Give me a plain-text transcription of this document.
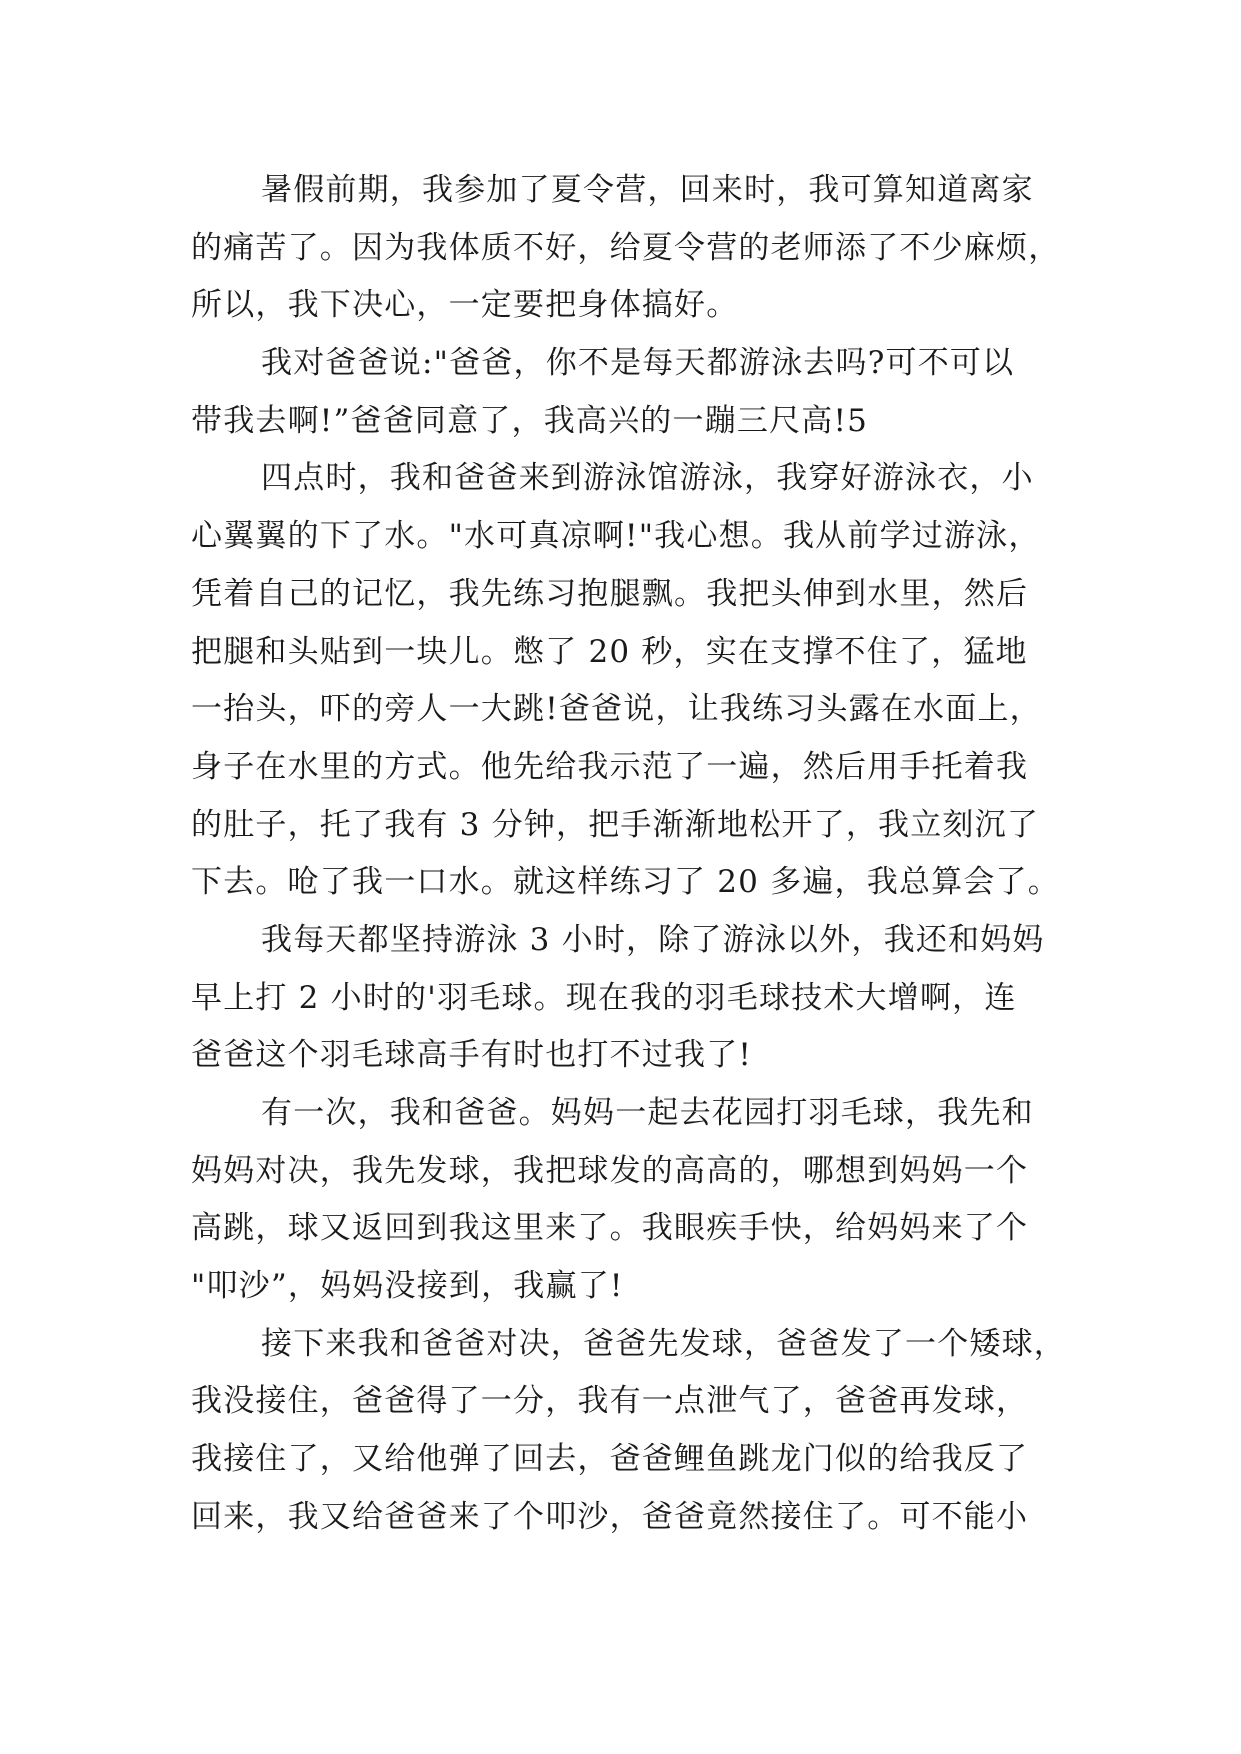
暑假前期，我参加了夏令营，回来时，我可算知道离家
的痛苦了。因为我体质不好，给夏令营的老师添了不少麻烦，
所以，我下决心，一定要把身体搞好。
我对爸爸说:"爸爸，你不是每天都游泳去吗?可不可以
带我去啊!”爸爸同意了，我高兴的一蹦三尺高!5
四点时，我和爸爸来到游泳馆游泳，我穿好游泳衣，小
心翼翼的下了水。"水可真凉啊!"我心想。我从前学过游泳，
凭着自己的记忆，我先练习抱腿飘。我把头伸到水里，然后
把腿和头贴到一块儿。憋了 20 秒，实在支撑不住了，猛地
一抬头，吓的旁人一大跳!爸爸说，让我练习头露在水面上，
身子在水里的方式。他先给我示范了一遍，然后用手托着我
的肚子，托了我有 3 分钟，把手渐渐地松开了，我立刻沉了
下去。呛了我一口水。就这样练习了 20 多遍，我总算会了。
我每天都坚持游泳 3 小时，除了游泳以外，我还和妈妈
早上打 2 小时的'羽毛球。现在我的羽毛球技术大增啊，连
爸爸这个羽毛球高手有时也打不过我了!
有一次，我和爸爸。妈妈一起去花园打羽毛球，我先和
妈妈对决，我先发球，我把球发的高高的，哪想到妈妈一个
高跳，球又返回到我这里来了。我眼疾手快，给妈妈来了个
"叩沙”，妈妈没接到，我赢了!
接下来我和爸爸对决，爸爸先发球，爸爸发了一个矮球，
我没接住，爸爸得了一分，我有一点泄气了，爸爸再发球，
我接住了，又给他弹了回去，爸爸鲤鱼跳龙门似的给我反了
回来，我又给爸爸来了个叩沙，爸爸竟然接住了。可不能小
